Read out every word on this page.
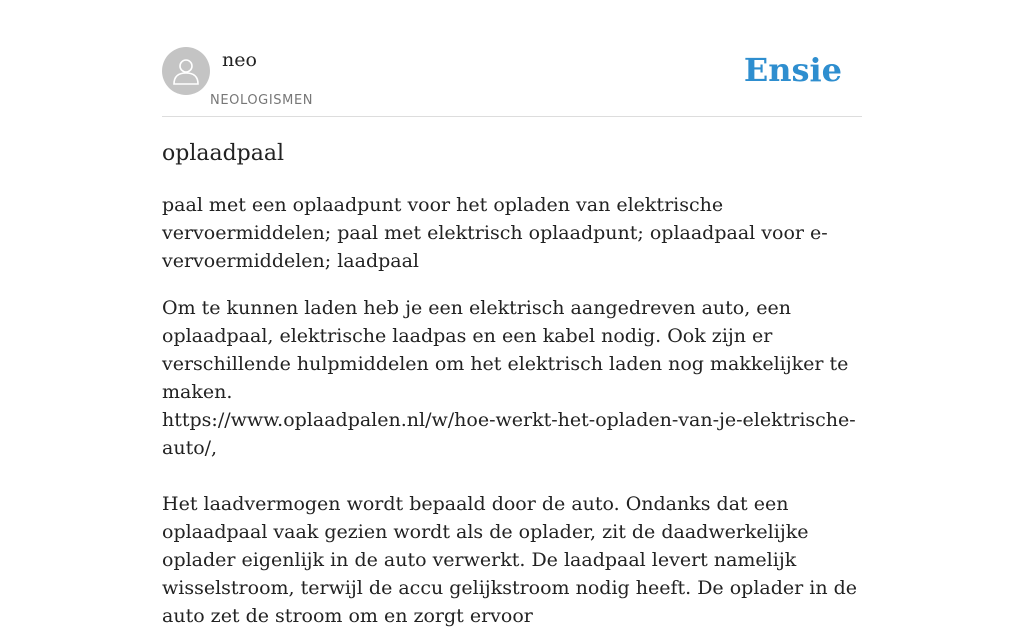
neo
NEOLOGISMEN
Ensie
oplaadpaal

paal met een oplaadpunt voor het opladen van elektrische vervoermiddelen; paal met elektrisch oplaadpunt; oplaadpaal voor e-vervoermiddelen; laadpaal

Om te kunnen laden heb je een elektrisch aangedreven auto, een oplaadpaal, elektrische laadpas en een kabel nodig. Ook zijn er verschillende hulpmiddelen om het elektrisch laden nog makkelijker te maken.
https://www.oplaadpalen.nl/w/hoe-werkt-het-opladen-van-je-elektrische-auto/,

Het laadvermogen wordt bepaald door de auto. Ondanks dat een oplaadpaal vaak gezien wordt als de oplader, zit de daadwerkelijke oplader eigenlijk in de auto verwerkt. De laadpaal levert namelijk wisselstroom, terwijl de accu gelijkstroom nodig heeft. De oplader in de auto zet de stroom om en zorgt ervoor
